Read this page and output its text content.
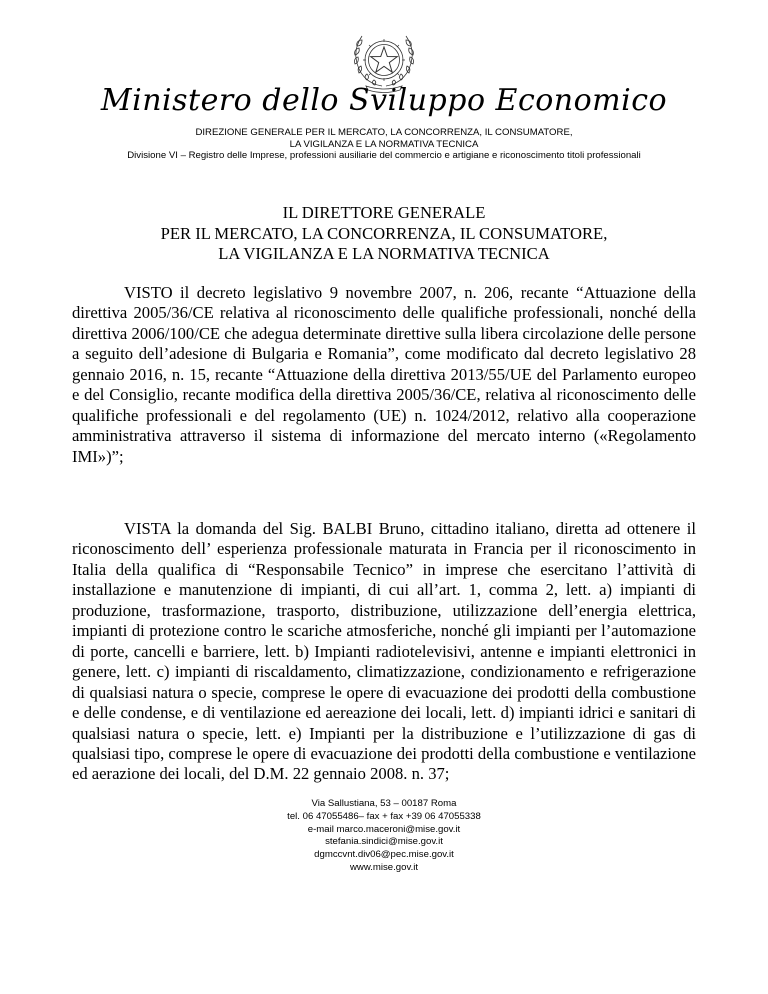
Ministero dello Sviluppo Economico
DIREZIONE GENERALE PER IL MERCATO, LA CONCORRENZA, IL CONSUMATORE,
LA VIGILANZA E LA NORMATIVA TECNICA
Divisione VI – Registro delle Imprese, professioni ausiliarie del commercio e artigiane e riconoscimento titoli professionali
IL DIRETTORE GENERALE
PER IL MERCATO, LA CONCORRENZA, IL CONSUMATORE,
LA VIGILANZA E LA NORMATIVA TECNICA

VISTO il decreto legislativo 9 novembre 2007, n. 206, recante “Attuazione della direttiva 2005/36/CE relativa al riconoscimento delle qualifiche professionali, nonché della direttiva 2006/100/CE che adegua determinate direttive sulla libera circolazione delle persone a seguito dell’adesione di Bulgaria e Romania”, come modificato dal decreto legislativo 28 gennaio 2016, n. 15, recante “Attuazione della direttiva 2013/55/UE del Parlamento europeo e del Consiglio, recante modifica della direttiva 2005/36/CE, relativa al riconoscimento delle qualifiche professionali e del regolamento (UE) n. 1024/2012, relativo alla cooperazione amministrativa attraverso il sistema di informazione del mercato interno («Regolamento IMI»)”;

VISTA la domanda del Sig. BALBI Bruno, cittadino italiano, diretta ad ottenere il riconoscimento dell’ esperienza professionale maturata in Francia per il riconoscimento in Italia della qualifica di “Responsabile Tecnico” in imprese che esercitano l’attività di installazione e manutenzione di impianti, di cui all’art. 1, comma 2, lett. a) impianti di produzione, trasformazione, trasporto, distribuzione, utilizzazione dell’energia elettrica, impianti di protezione contro le scariche atmosferiche, nonché gli impianti per l’automazione di porte, cancelli e barriere, lett. b) Impianti radiotelevisivi, antenne e impianti elettronici in genere, lett. c) impianti di riscaldamento, climatizzazione, condizionamento e refrigerazione di qualsiasi natura o specie, comprese le opere di evacuazione dei prodotti della combustione e delle condense, e di ventilazione ed aereazione dei locali, lett. d) impianti idrici e sanitari di qualsiasi natura o specie, lett. e) Impianti per la distribuzione e l’utilizzazione di gas di qualsiasi tipo, comprese le opere di evacuazione dei prodotti della combustione e ventilazione ed aerazione dei locali, del D.M. 22 gennaio 2008. n. 37;

Via Sallustiana, 53 – 00187 Roma
tel. 06 47055486– fax + fax +39 06 47055338
e-mail marco.maceroni@mise.gov.it
stefania.sindici@mise.gov.it
dgmccvnt.div06@pec.mise.gov.it
www.mise.gov.it
